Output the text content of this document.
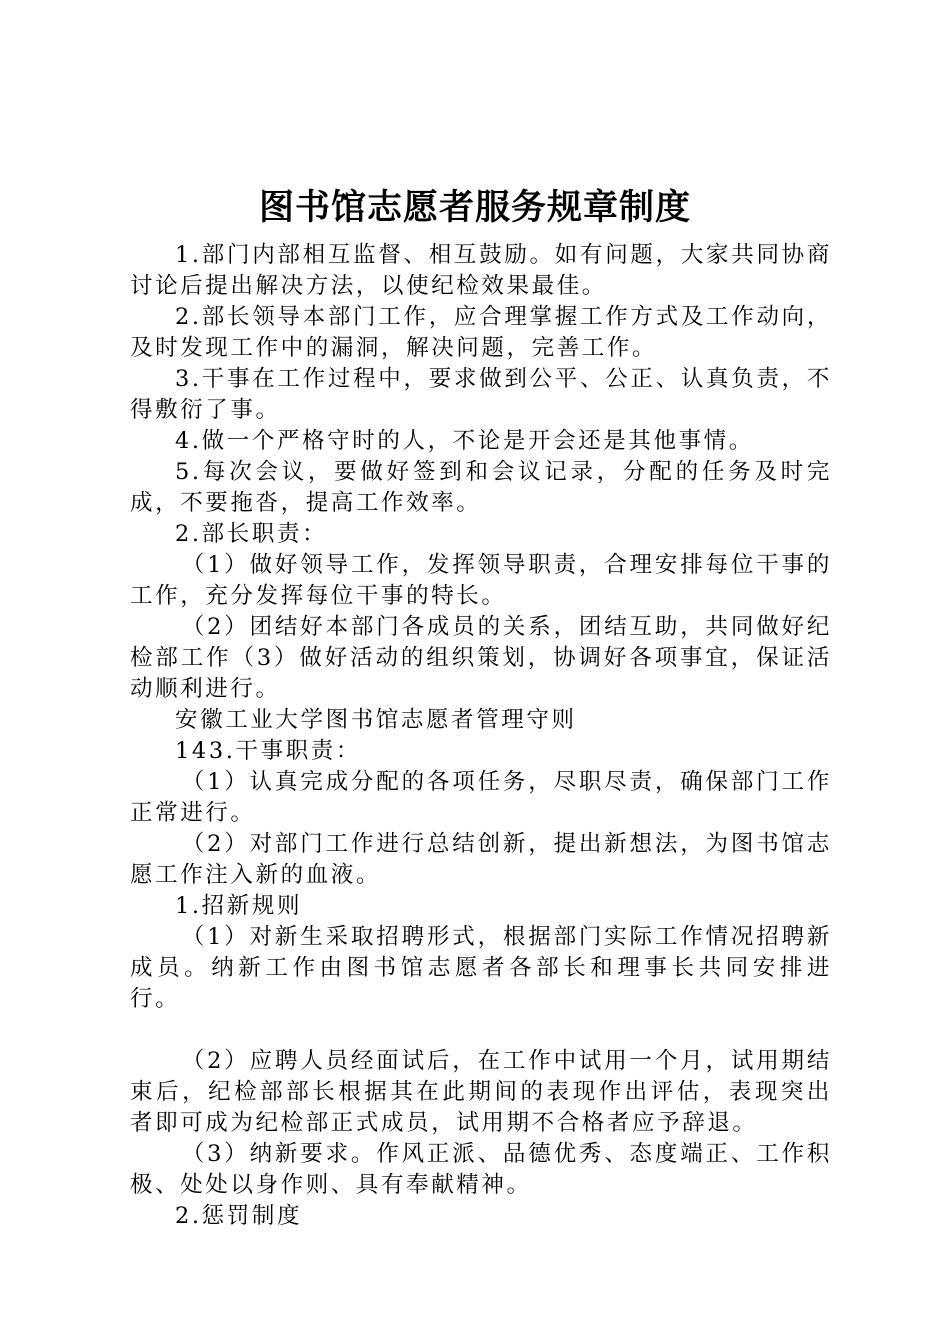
图书馆志愿者服务规章制度

1.部门内部相互监督、相互鼓励。如有问题，大家共同协商讨论后提出解决方法，以使纪检效果最佳。

2.部长领导本部门工作，应合理掌握工作方式及工作动向，及时发现工作中的漏洞，解决问题，完善工作。

3.干事在工作过程中，要求做到公平、公正、认真负责，不得敷衍了事。

4.做一个严格守时的人，不论是开会还是其他事情。

5.每次会议，要做好签到和会议记录，分配的任务及时完成，不要拖沓，提高工作效率。

2.部长职责：

（1）做好领导工作，发挥领导职责，合理安排每位干事的工作，充分发挥每位干事的特长。

（2）团结好本部门各成员的关系，团结互助，共同做好纪检部工作（3）做好活动的组织策划，协调好各项事宜，保证活动顺利进行。

安徽工业大学图书馆志愿者管理守则

143.干事职责：

（1）认真完成分配的各项任务，尽职尽责，确保部门工作正常进行。

（2）对部门工作进行总结创新，提出新想法，为图书馆志愿工作注入新的血液。

1.招新规则

（1）对新生采取招聘形式，根据部门实际工作情况招聘新成员。纳新工作由图书馆志愿者各部长和理事长共同安排进行。

（2）应聘人员经面试后，在工作中试用一个月，试用期结束后，纪检部部长根据其在此期间的表现作出评估，表现突出者即可成为纪检部正式成员，试用期不合格者应予辞退。

（3）纳新要求。作风正派、品德优秀、态度端正、工作积极、处处以身作则、具有奉献精神。

2.惩罚制度
